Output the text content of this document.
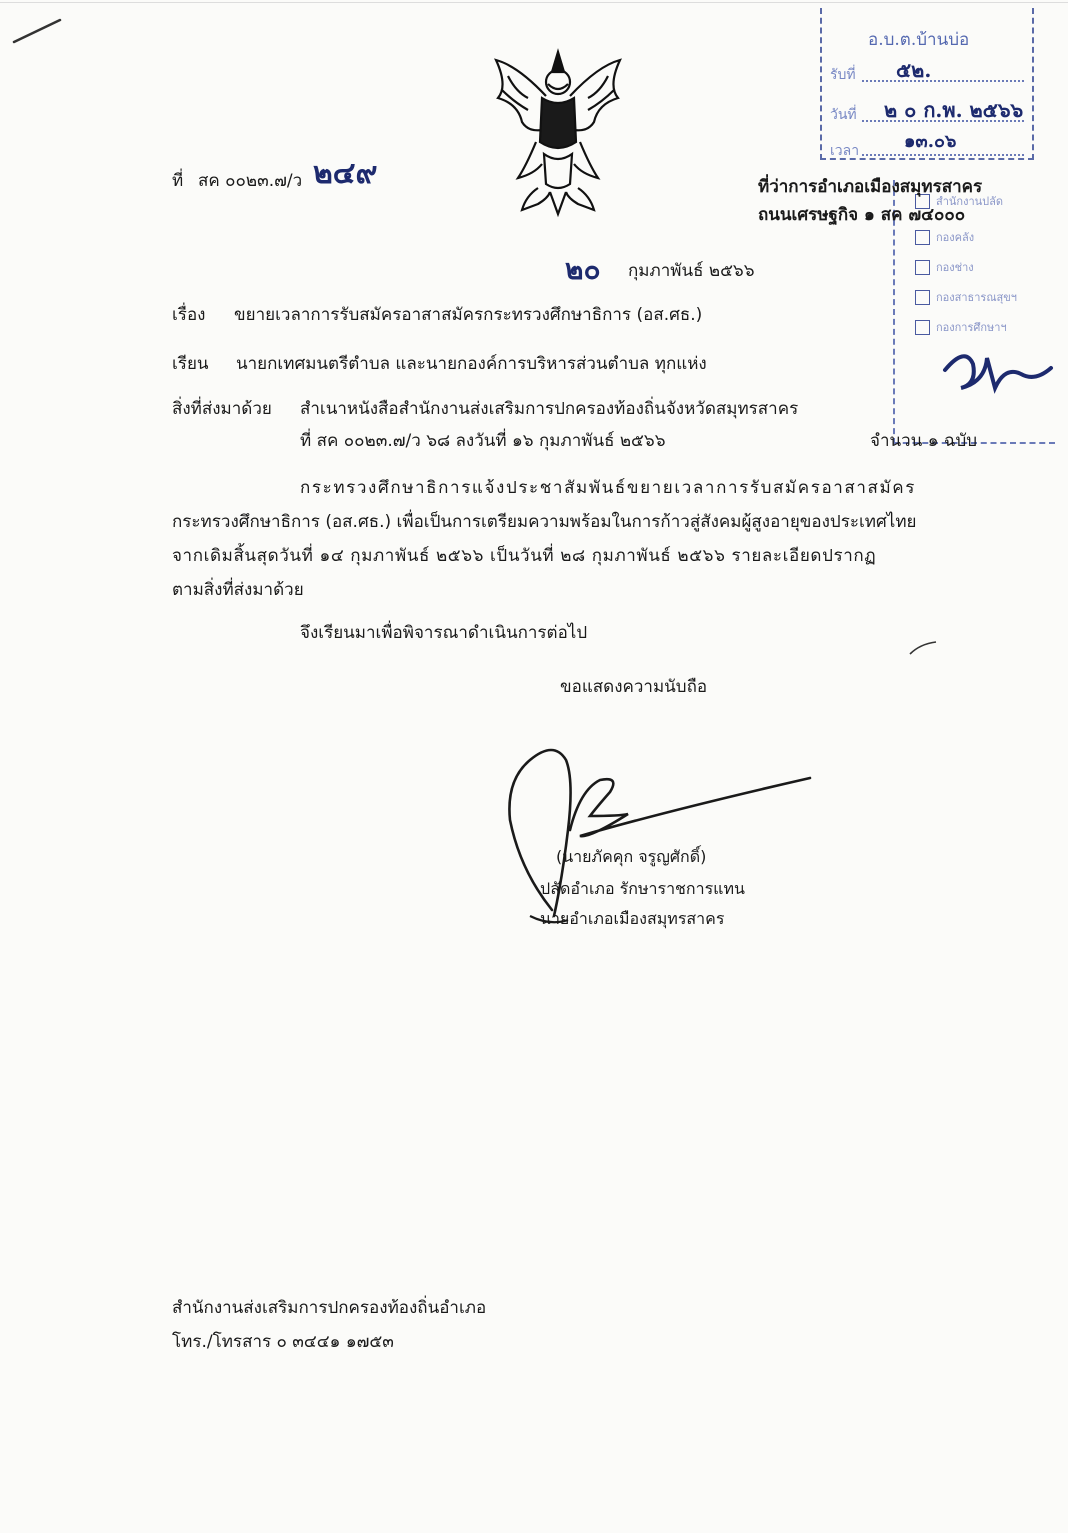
อ.บ.ต.บ้านบ่อ
รับที่ ๕๒.
วันที่ ๒ ๐ ก.พ. ๒๕๖๖
เวลา ๑๓.๐๖
สำนักงานปลัด
กองคลัง
กองช่าง
กองสาธารณสุขฯ
กองการศึกษาฯ
ที่ สค ๐๐๒๓.๗/ว ๒๔๙	ที่ว่าการอำเภอเมืองสมุทรสาคร
ถนนเศรษฐกิจ ๑ สค ๗๔๐๐๐
๒๐ กุมภาพันธ์ ๒๕๖๖
เรื่อง ขยายเวลาการรับสมัครอาสาสมัครกระทรวงศึกษาธิการ (อส.ศธ.)
เรียน นายกเทศมนตรีตำบล และนายกองค์การบริหารส่วนตำบล ทุกแห่ง
สิ่งที่ส่งมาด้วย สำเนาหนังสือสำนักงานส่งเสริมการปกครองท้องถิ่นจังหวัดสมุทรสาคร
ที่ สค ๐๐๒๓.๗/ว ๖๘ ลงวันที่ ๑๖ กุมภาพันธ์ ๒๕๖๖	จำนวน ๑ ฉบับ
กระทรวงศึกษาธิการแจ้งประชาสัมพันธ์ขยายเวลาการรับสมัครอาสาสมัคร
กระทรวงศึกษาธิการ (อส.ศธ.) เพื่อเป็นการเตรียมความพร้อมในการก้าวสู่สังคมผู้สูงอายุของประเทศไทย
จากเดิมสิ้นสุดวันที่ ๑๔ กุมภาพันธ์ ๒๕๖๖ เป็นวันที่ ๒๘ กุมภาพันธ์ ๒๕๖๖ รายละเอียดปรากฏ
ตามสิ่งที่ส่งมาด้วย
จึงเรียนมาเพื่อพิจารณาดำเนินการต่อไป
ขอแสดงความนับถือ
(นายภัคคุก จรูญศักดิ์)
ปลัดอำเภอ รักษาราชการแทน
นายอำเภอเมืองสมุทรสาคร
สำนักงานส่งเสริมการปกครองท้องถิ่นอำเภอ
โทร./โทรสาร ๐ ๓๔๔๑ ๑๗๕๓
